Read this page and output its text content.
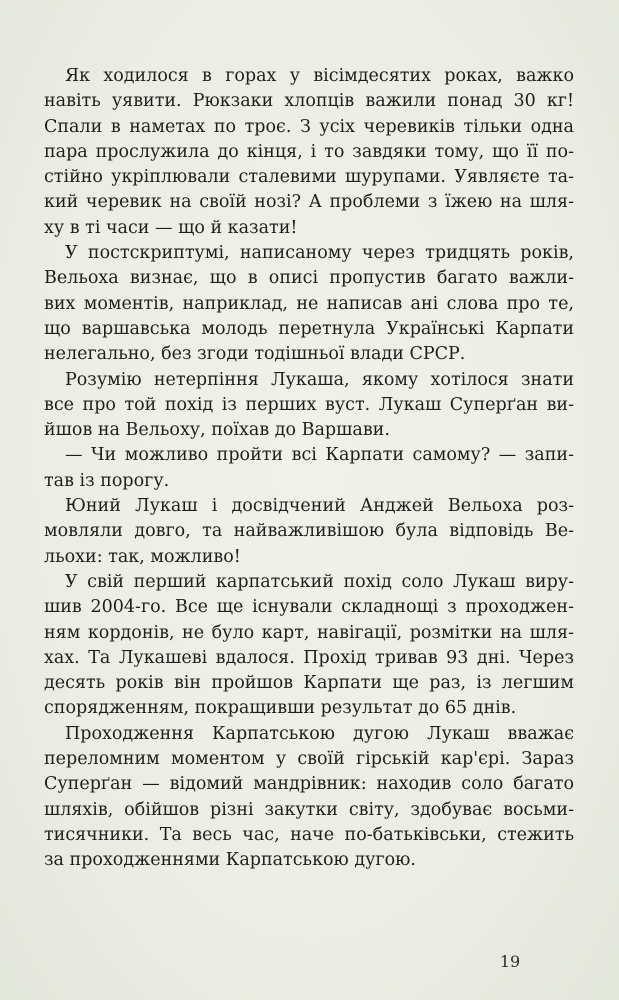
Як ходилося в горах у вісімдесятих роках, важко
навіть уявити. Рюкзаки хлопців важили понад 30 кг!
Спали в наметах по троє. З усіх черевиків тільки одна
пара прослужила до кінця, і то завдяки тому, що її по-
стійно укріплювали сталевими шурупами. Уявляєте та-
кий черевик на своїй нозі? А проблеми з їжею на шля-
ху в ті часи — що й казати!
У постскриптумі, написаному через тридцять років,
Вельоха визнає, що в описі пропустив багато важли-
вих моментів, наприклад, не написав ані слова про те,
що варшавська молодь перетнула Українські Карпати
нелегально, без згоди тодішньої влади СРСР.
Розумію нетерпіння Лукаша, якому хотілося знати
все про той похід із перших вуст. Лукаш Суперґан ви-
йшов на Вельоху, поїхав до Варшави.
— Чи можливо пройти всі Карпати самому? — запи-
тав із порогу.
Юний Лукаш і досвідчений Анджей Вельоха роз-
мовляли довго, та найважливішою була відповідь Ве-
льохи: так, можливо!
У свій перший карпатський похід соло Лукаш виру-
шив 2004-го. Все ще існували складнощі з проходжен-
ням кордонів, не було карт, навігації, розмітки на шля-
хах. Та Лукашеві вдалося. Прохід тривав 93 дні. Через
десять років він пройшов Карпати ще раз, із легшим
спорядженням, покращивши результат до 65 днів.
Проходження Карпатською дугою Лукаш вважає
переломним моментом у своїй гірській кар'єрі. Зараз
Суперґан — відомий мандрівник: находив соло багато
шляхів, обійшов різні закутки світу, здобуває восьми-
тисячники. Та весь час, наче по-батьківськи, стежить
за проходженнями Карпатською дугою.
19
